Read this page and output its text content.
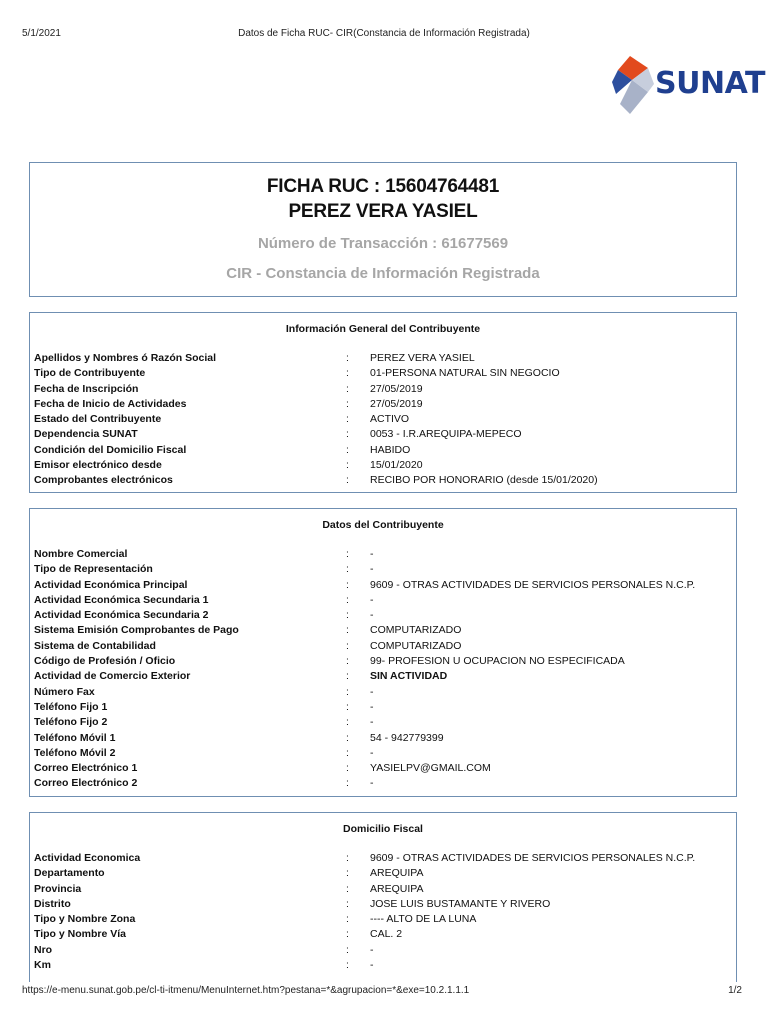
5/1/2021	Datos de Ficha RUC- CIR(Constancia de Información Registrada)
SUNAT
FICHA RUC : 15604764481
PEREZ VERA YASIEL
Número de Transacción : 61677569
CIR - Constancia de Información Registrada
Información General del Contribuyente
Apellidos y Nombres ó Razón Social	:	PEREZ VERA YASIEL
Tipo de Contribuyente	:	01-PERSONA NATURAL SIN NEGOCIO
Fecha de Inscripción	:	27/05/2019
Fecha de Inicio de Actividades	:	27/05/2019
Estado del Contribuyente	:	ACTIVO
Dependencia SUNAT	:	0053 - I.R.AREQUIPA-MEPECO
Condición del Domicilio Fiscal	:	HABIDO
Emisor electrónico desde	:	15/01/2020
Comprobantes electrónicos	:	RECIBO POR HONORARIO (desde 15/01/2020)
Datos del Contribuyente
Nombre Comercial	:	-
Tipo de Representación	:	-
Actividad Económica Principal	:	9609 - OTRAS ACTIVIDADES DE SERVICIOS PERSONALES N.C.P.
Actividad Económica Secundaria 1	:	-
Actividad Económica Secundaria 2	:	-
Sistema Emisión Comprobantes de Pago	:	COMPUTARIZADO
Sistema de Contabilidad	:	COMPUTARIZADO
Código de Profesión / Oficio	:	99- PROFESION U OCUPACION NO ESPECIFICADA
Actividad de Comercio Exterior	:	SIN ACTIVIDAD
Número Fax	:	-
Teléfono Fijo 1	:	-
Teléfono Fijo 2	:	-
Teléfono Móvil 1	:	54 - 942779399
Teléfono Móvil 2	:	-
Correo Electrónico 1	:	YASIELPV@GMAIL.COM
Correo Electrónico 2	:	-
Domicilio Fiscal
Actividad Economica	:	9609 - OTRAS ACTIVIDADES DE SERVICIOS PERSONALES N.C.P.
Departamento	:	AREQUIPA
Provincia	:	AREQUIPA
Distrito	:	JOSE LUIS BUSTAMANTE Y RIVERO
Tipo y Nombre Zona	:	---- ALTO DE LA LUNA
Tipo y Nombre Vía	:	CAL. 2
Nro	:	-
Km	:	-
https://e-menu.sunat.gob.pe/cl-ti-itmenu/MenuInternet.htm?pestana=*&agrupacion=*&exe=10.2.1.1.1	1/2
